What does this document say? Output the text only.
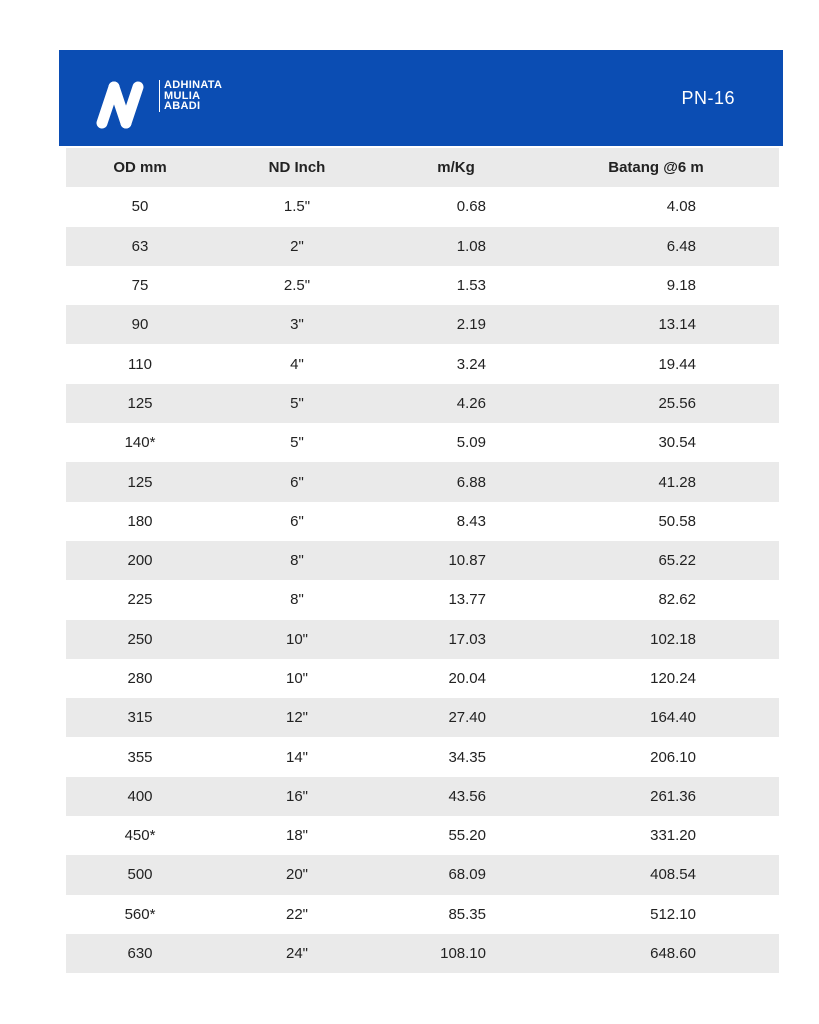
ADHINATA
MULIA
ABADI	PN-16
OD mm	ND Inch	m/Kg	Batang @6 m
50	1.5"	0.68	4.08
63	2"	1.08	6.48
75	2.5"	1.53	9.18
90	3"	2.19	13.14
110	4"	3.24	19.44
125	5"	4.26	25.56
140*	5"	5.09	30.54
125	6"	6.88	41.28
180	6"	8.43	50.58
200	8"	10.87	65.22
225	8"	13.77	82.62
250	10"	17.03	102.18
280	10"	20.04	120.24
315	12"	27.40	164.40
355	14"	34.35	206.10
400	16"	43.56	261.36
450*	18"	55.20	331.20
500	20"	68.09	408.54
560*	22"	85.35	512.10
630	24"	108.10	648.60
